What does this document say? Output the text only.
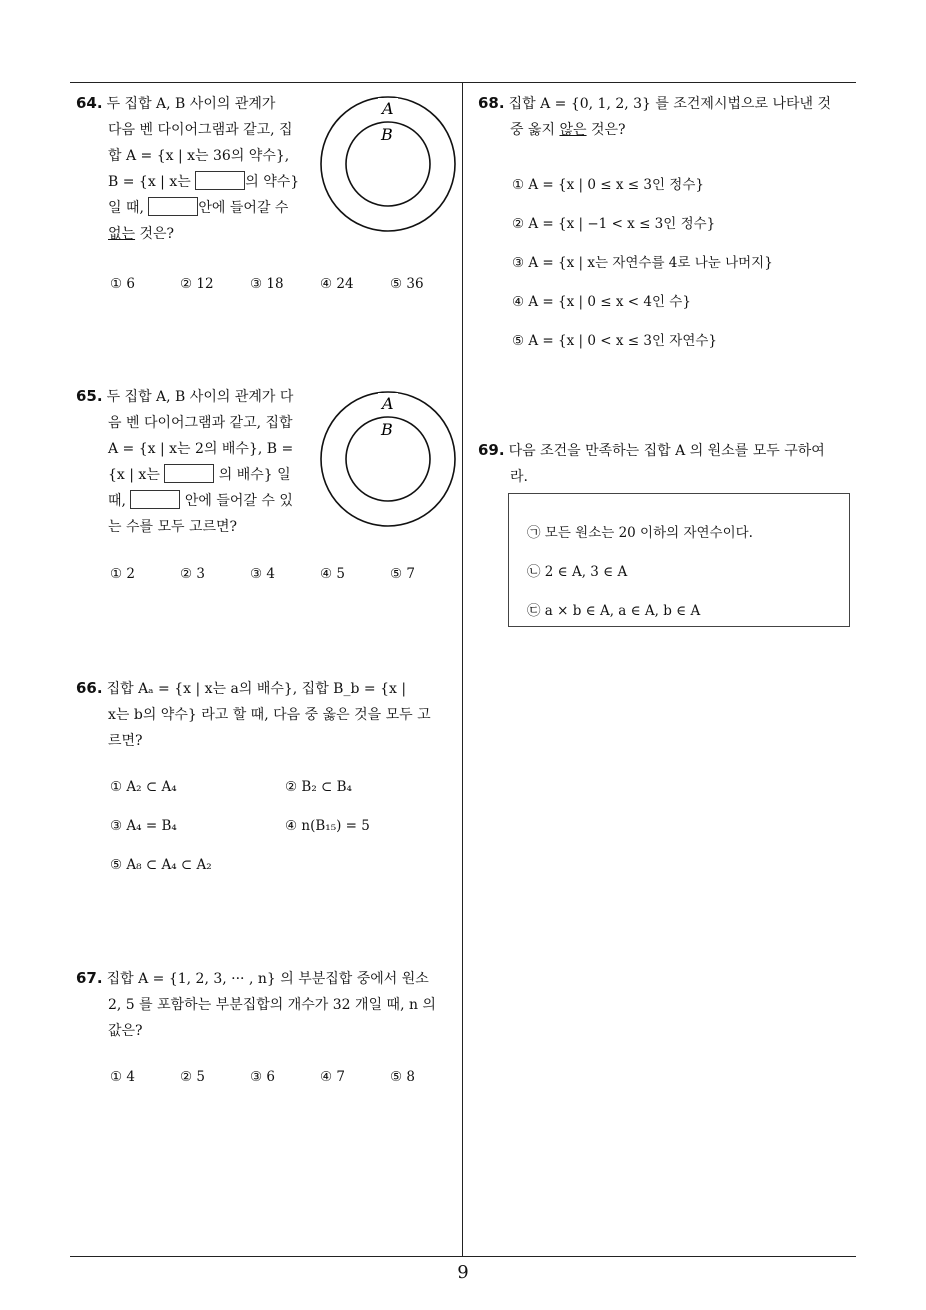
64. 두 집합 A, B 사이의 관계가
다음 벤 다이어그램과 같고, 집
합 A = {x | x는 36의 약수},
B = {x | x는	의 약수}
일 때,	안에 들어갈 수
없는 것은?
A
B
① 6	② 12	③ 18	④ 24	⑤ 36
65. 두 집합 A, B 사이의 관계가 다
음 벤 다이어그램과 같고, 집합
A = {x | x는 2의 배수}, B =
{x | x는	의 배수} 일
때,	안에 들어갈 수 있
는 수를 모두 고르면?
A
B
① 2	② 3	③ 4	④ 5	⑤ 7
66. 집합 Aₐ = {x | x는 a의 배수}, 집합 B_b = {x |
x는 b의 약수} 라고 할 때, 다음 중 옳은 것을 모두 고
르면?
① A₂ ⊂ A₄	② B₂ ⊂ B₄
③ A₄ = B₄	④ n(B₁₅) = 5
⑤ A₈ ⊂ A₄ ⊂ A₂
67. 집합 A = {1, 2, 3, ··· , n} 의 부분집합 중에서 원소
2, 5 를 포함하는 부분집합의 개수가 32 개일 때, n 의
값은?
① 4	② 5	③ 6	④ 7	⑤ 8
68. 집합 A = {0, 1, 2, 3} 를 조건제시법으로 나타낸 것
중 옳지 않은 것은?
① A = {x | 0 ≤ x ≤ 3인 정수}
② A = {x | −1 < x ≤ 3인 정수}
③ A = {x | x는 자연수를 4로 나눈 나머지}
④ A = {x | 0 ≤ x < 4인 수}
⑤ A = {x | 0 < x ≤ 3인 자연수}
69. 다음 조건을 만족하는 집합 A 의 원소를 모두 구하여
라.
㉠ 모든 원소는 20 이하의 자연수이다.
㉡ 2 ∈ A, 3 ∈ A
㉢ a × b ∈ A, a ∈ A, b ∈ A
9
